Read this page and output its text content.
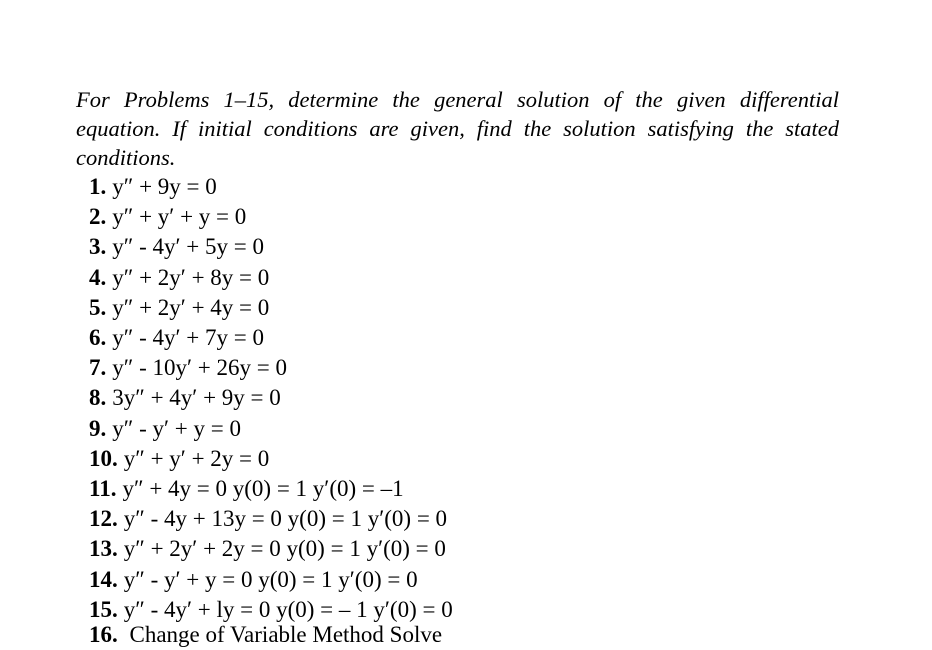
For Problems 1–15, determine the general solution of the given differential equation. If initial conditions are given, find the solution satisfying the stated conditions.
1. y″ + 9y = 0
2. y″ + y′ + y = 0
3. y″ - 4y′ + 5y = 0
4. y″ + 2y′ + 8y = 0
5. y″ + 2y′ + 4y = 0
6. y″ - 4y′ + 7y = 0
7. y″ - 10y′ + 26y = 0
8. 3y″ + 4y′ + 9y = 0
9. y″ - y′ + y = 0
10. y″ + y′ + 2y = 0
11. y″ + 4y = 0 y(0) = 1 y′(0) = –1
12. y″ - 4y + 13y = 0 y(0) = 1 y′(0) = 0
13. y″ + 2y′ + 2y = 0 y(0) = 1 y′(0) = 0
14. y″ - y′ + y = 0 y(0) = 1 y′(0) = 0
15. y″ - 4y′ + ly = 0 y(0) = – 1 y′(0) = 0
16. Change of Variable Method Solve
